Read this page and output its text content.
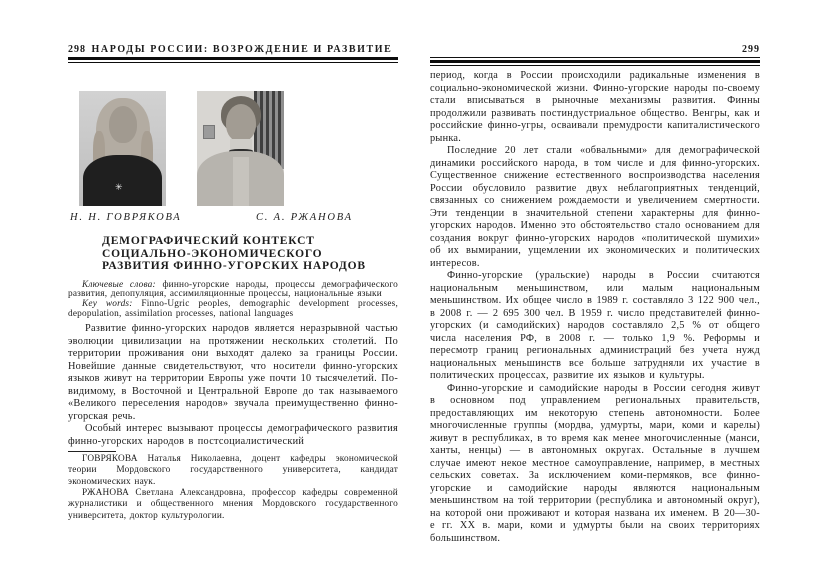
298 НАРОДЫ РОССИИ: ВОЗРОЖДЕНИЕ И РАЗВИТИЕ
✳
Н. Н. ГОВРЯКОВА	С. А. РЖАНОВА
ДЕМОГРАФИЧЕСКИЙ КОНТЕКСТ
СОЦИАЛЬНО-ЭКОНОМИЧЕСКОГО
РАЗВИТИЯ ФИННО-УГОРСКИХ НАРОДОВ

Ключевые слова: финно-угорские народы, процессы демографического развития, депопуляция, ассимиляционные процессы, национальные языки

Key words: Finno-Ugric peoples, demographic development processes, depopulation, assimilation processes, national languages

Развитие финно-угорских народов является неразрывной частью эволюции цивилизации на протяжении нескольких столетий. По территории проживания они выходят далеко за границы России. Новейшие данные свидетельствуют, что носители финно-угорских языков живут на территории Европы уже почти 10 тысячелетий. По-видимому, в Восточной и Центральной Европе до так называемого «Великого переселения народов» звучала преимущественно финно-угорская речь.

Особый интерес вызывают процессы демографического развития финно-угорских народов в постсоциалистический

ГОВРЯКОВА Наталья Николаевна, доцент кафедры экономической теории Мордовского государственного университета, кандидат экономических наук.

РЖАНОВА Светлана Александровна, профессор кафедры современной журналистики и общественного мнения Мордовского государственного университета, доктор культурологии.

299

период, когда в России происходили радикальные изменения в социально-экономической жизни. Финно-угорские народы по-своему стали вписываться в рыночные механизмы развития. Финны продолжили развивать постиндустриальное общество. Венгры, как и российские финно-угры, осваивали премудрости капиталистического рынка.

Последние 20 лет стали «обвальными» для демографической динамики российского народа, в том числе и для финно-угорских. Существенное снижение естественного воспроизводства населения России обусловило развитие двух неблагоприятных тенденций, связанных со снижением рождаемости и увеличением смертности. Эти тенденции в значительной степени характерны для финно-угорских народов. Именно это обстоятельство стало основанием для создания вокруг финно-угорских народов «политической шумихи» об их вымирании, ущемлении их экономических и политических интересов.

Финно-угорские (уральские) народы в России считаются национальным меньшинством, или малым национальным меньшинством. Их общее число в 1989 г. составляло 3 122 900 чел., в 2008 г. — 2 695 300 чел. В 1959 г. число представителей финно-угорских (и самодийских) народов составляло 2,5 % от общего числа населения РФ, в 2008 г. — только 1,9 %. Реформы и пересмотр границ региональных администраций без учета нужд национальных меньшинств все больше затрудняли их участие в политических процессах, развитие их языков и культуры.

Финно-угорские и самодийские народы в России сегодня живут в основном под управлением региональных правительств, предоставляющих им некоторую степень автономности. Более многочисленные группы (мордва, удмурты, мари, коми и карелы) живут в республиках, в то время как менее многочисленные (манси, ханты, ненцы) — в автономных округах. Остальные в лучшем случае имеют некое местное самоуправление, например, в местных сельских советах. За исключением коми-пермяков, все финно-угорские и самодийские народы являются национальным меньшинством на той территории (республика и автономный округ), на которой они проживают и которая названа их именем. В 20—30-е гг. XX в. мари, коми и удмурты были на своих территориях большинством.
